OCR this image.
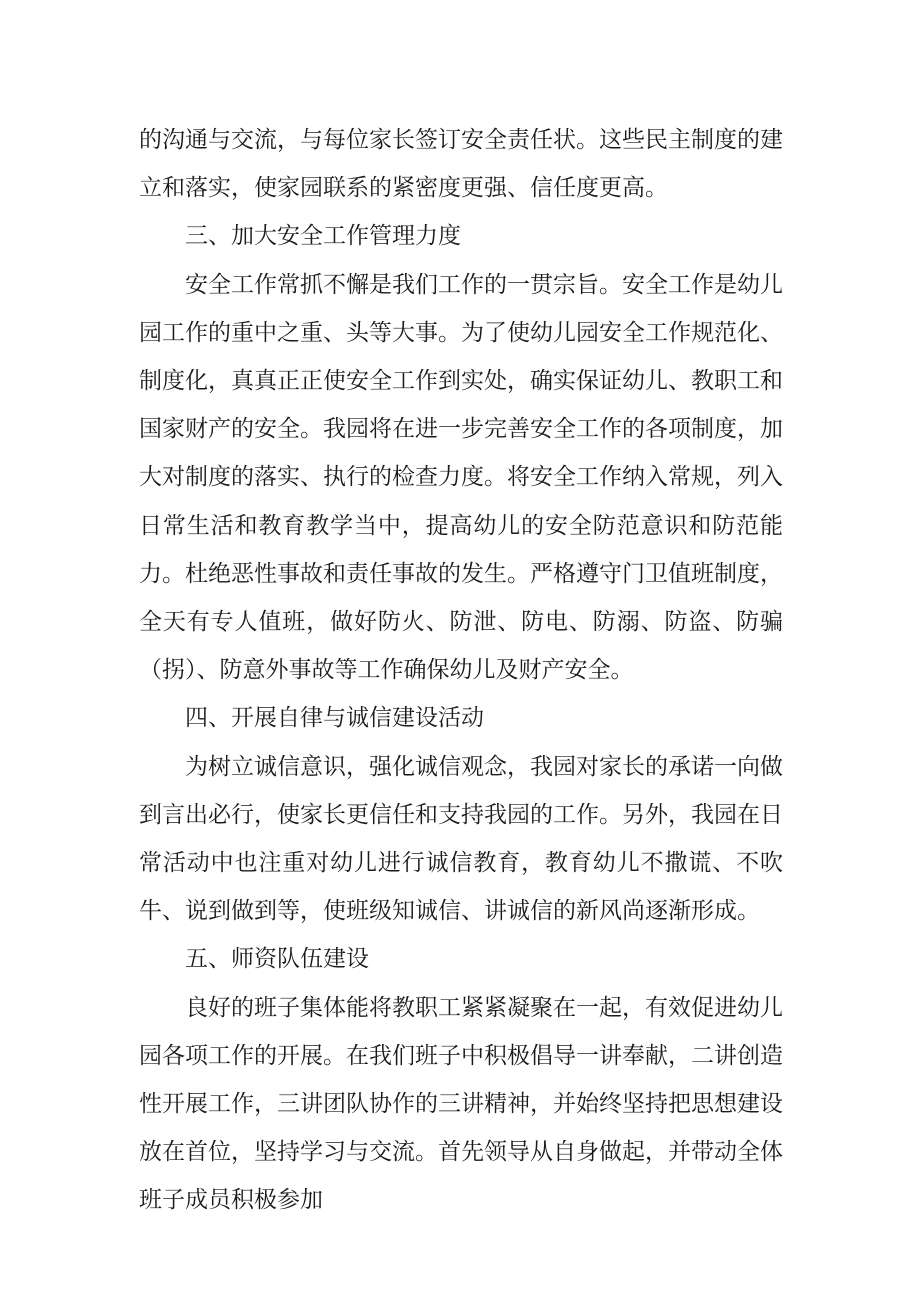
的沟通与交流，与每位家长签订安全责任状。这些民主制度的建立和落实，使家园联系的紧密度更强、信任度更高。

三、加大安全工作管理力度

安全工作常抓不懈是我们工作的一贯宗旨。安全工作是幼儿园工作的重中之重、头等大事。为了使幼儿园安全工作规范化、制度化，真真正正使安全工作到实处，确实保证幼儿、教职工和国家财产的安全。我园将在进一步完善安全工作的各项制度，加大对制度的落实、执行的检查力度。将安全工作纳入常规，列入日常生活和教育教学当中，提高幼儿的安全防范意识和防范能力。杜绝恶性事故和责任事故的发生。严格遵守门卫值班制度，全天有专人值班，做好防火、防泄、防电、防溺、防盗、防骗（拐）、防意外事故等工作确保幼儿及财产安全。

四、开展自律与诚信建设活动

为树立诚信意识，强化诚信观念，我园对家长的承诺一向做到言出必行，使家长更信任和支持我园的工作。另外，我园在日常活动中也注重对幼儿进行诚信教育，教育幼儿不撒谎、不吹牛、说到做到等，使班级知诚信、讲诚信的新风尚逐渐形成。

五、师资队伍建设

良好的班子集体能将教职工紧紧凝聚在一起，有效促进幼儿园各项工作的开展。在我们班子中积极倡导一讲奉献，二讲创造性开展工作，三讲团队协作的三讲精神，并始终坚持把思想建设放在首位，坚持学习与交流。首先领导从自身做起，并带动全体班子成员积极参加
